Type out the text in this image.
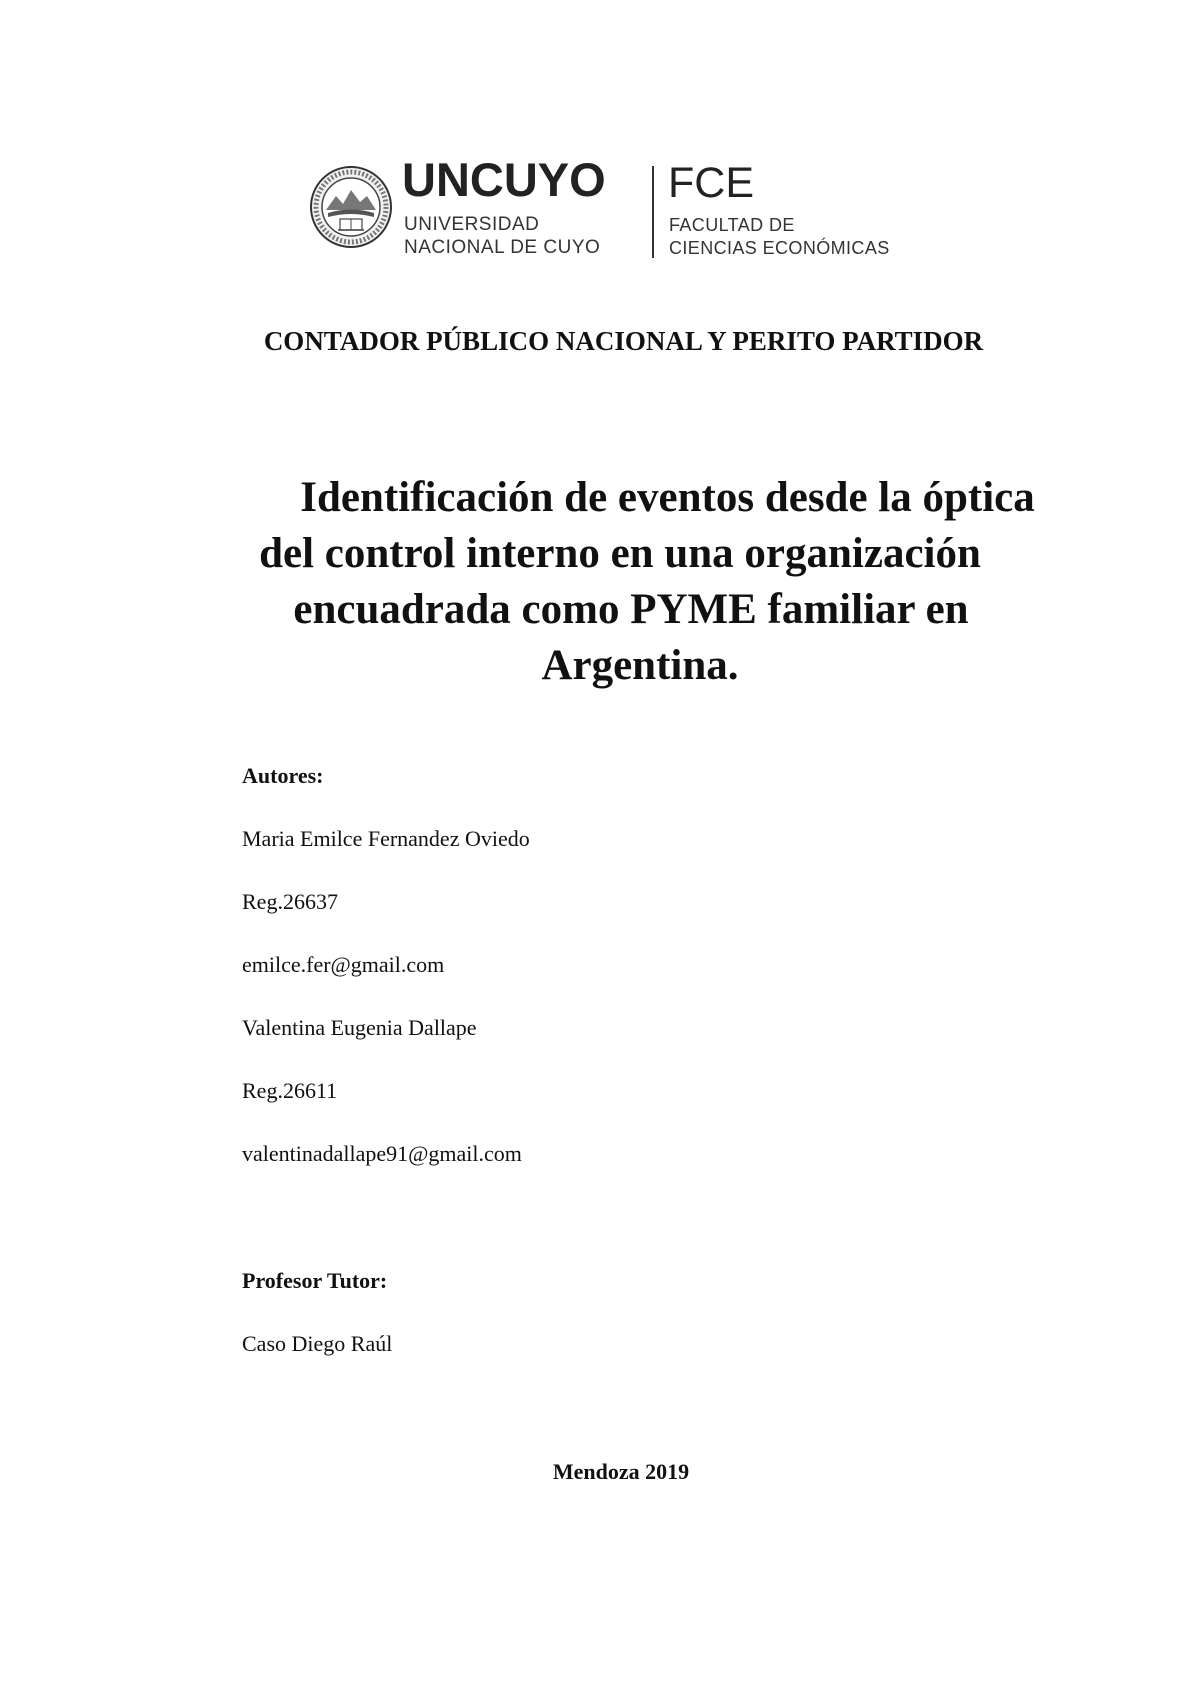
UNCUYO
UNIVERSIDAD
NACIONAL DE CUYO
FCE
FACULTAD DE
CIENCIAS ECONÓMICAS
CONTADOR PÚBLICO NACIONAL Y PERITO PARTIDOR
Identificación de eventos desde la óptica
del control interno en una organización
encuadrada como PYME familiar en
Argentina.
Autores:
Maria Emilce Fernandez Oviedo
Reg.26637
emilce.fer@gmail.com
Valentina Eugenia Dallape
Reg.26611
valentinadallape91@gmail.com
Profesor Tutor:
Caso Diego Raúl
Mendoza 2019
